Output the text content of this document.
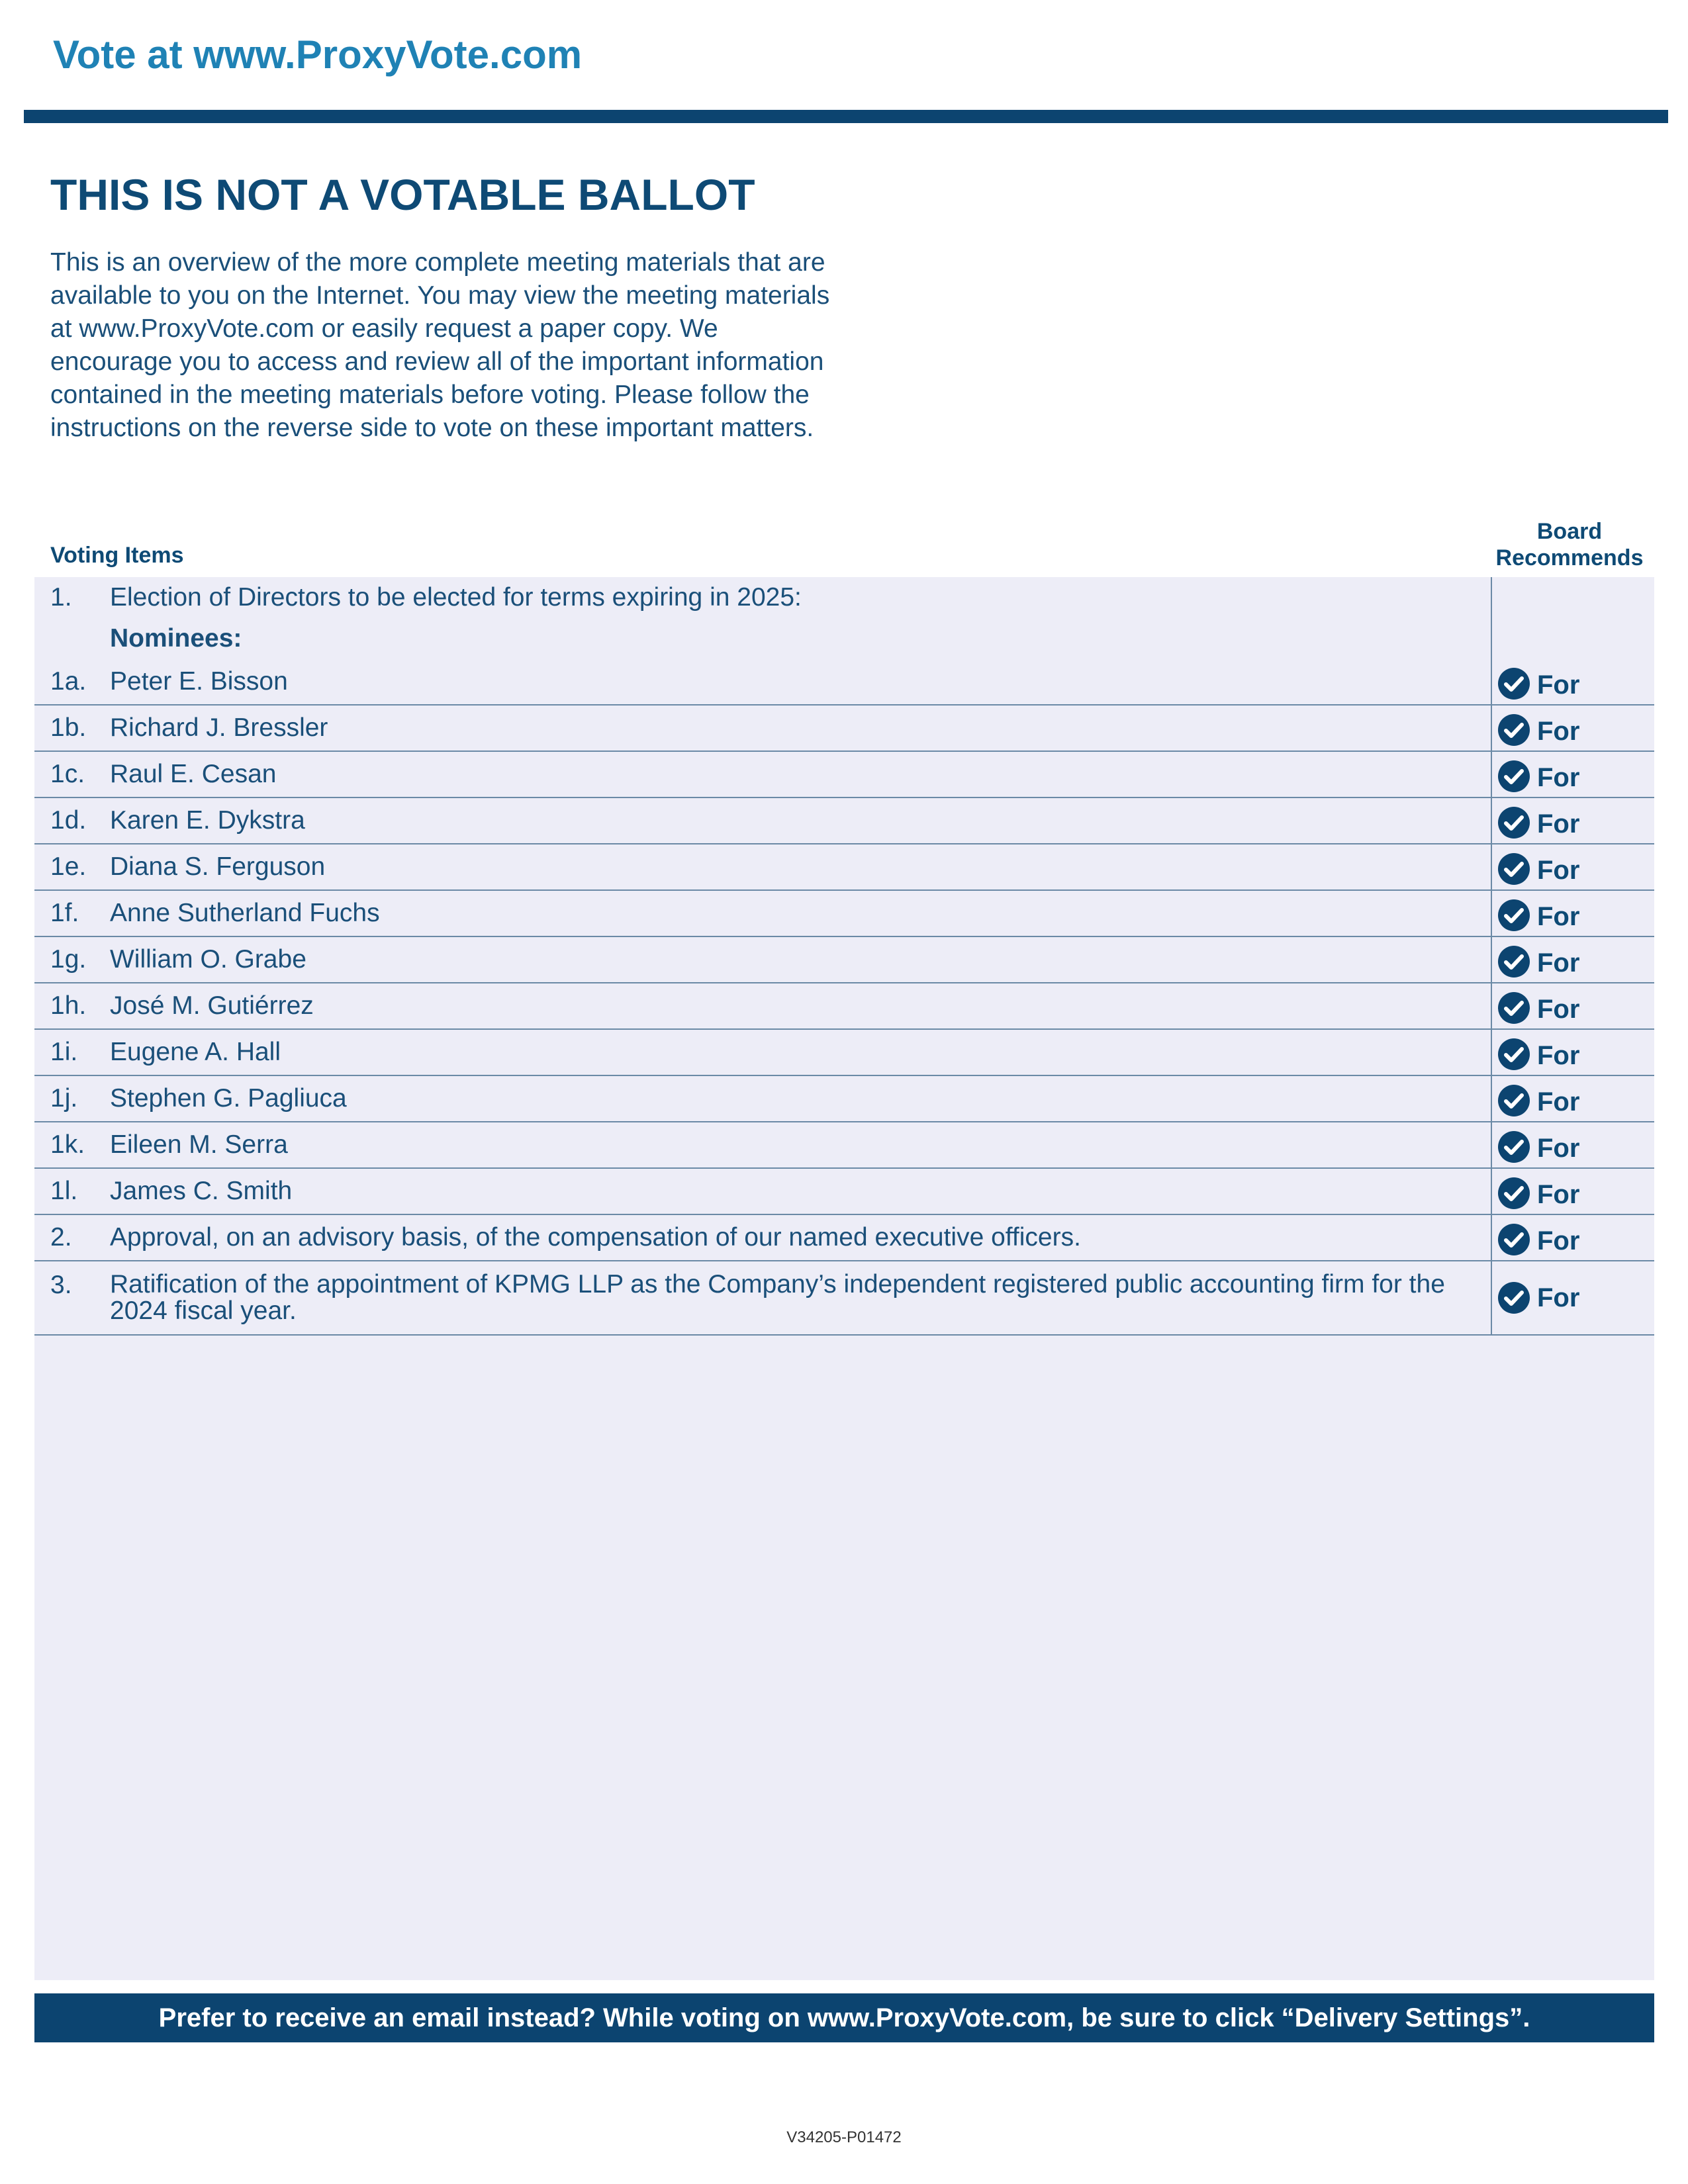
Vote at www.ProxyVote.com
THIS IS NOT A VOTABLE BALLOT
This is an overview of the more complete meeting materials that are available to you on the Internet. You may view the meeting materials at www.ProxyVote.com or easily request a paper copy. We encourage you to access and review all of the important information contained in the meeting materials before voting. Please follow the instructions on the reverse side to vote on these important matters.
Voting Items
Board
Recommends
1. Election of Directors to be elected for terms expiring in 2025:
Nominees:
1a. Peter E. Bisson	For
1b. Richard J. Bressler	For
1c. Raul E. Cesan	For
1d. Karen E. Dykstra	For
1e. Diana S. Ferguson	For
1f. Anne Sutherland Fuchs	For
1g. William O. Grabe	For
1h. José M. Gutiérrez	For
1i. Eugene A. Hall	For
1j. Stephen G. Pagliuca	For
1k. Eileen M. Serra	For
1l. James C. Smith	For
2. Approval, on an advisory basis, of the compensation of our named executive officers.	For
3. Ratification of the appointment of KPMG LLP as the Company’s independent registered public accounting firm for the 2024 fiscal year.	For
Prefer to receive an email instead? While voting on www.ProxyVote.com, be sure to click “Delivery Settings”.
V34205-P01472
